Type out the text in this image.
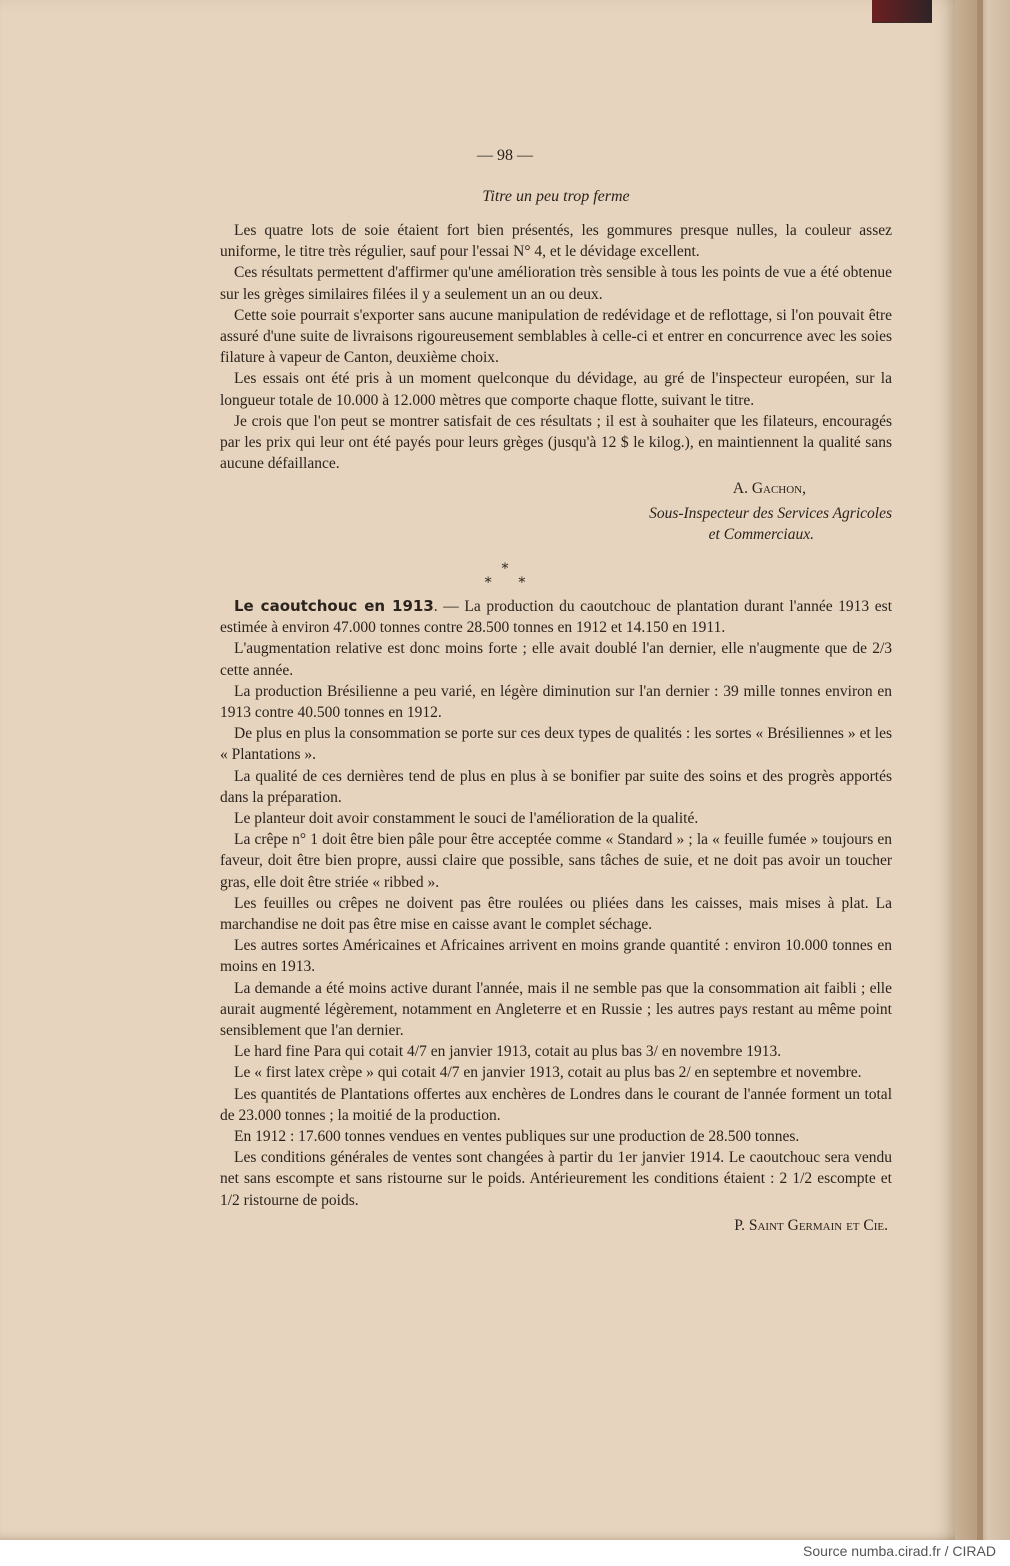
— 98 —
Titre un peu trop ferme

Les quatre lots de soie étaient fort bien présentés, les gommures presque nulles, la couleur assez uniforme, le titre très régulier, sauf pour l'essai N° 4, et le dévidage excellent.

Ces résultats permettent d'affirmer qu'une amélioration très sensible à tous les points de vue a été obtenue sur les grèges similaires filées il y a seulement un an ou deux.

Cette soie pourrait s'exporter sans aucune manipulation de redévidage et de reflottage, si l'on pouvait être assuré d'une suite de livraisons rigoureusement semblables à celle-ci et entrer en concurrence avec les soies filature à vapeur de Canton, deuxième choix.

Les essais ont été pris à un moment quelconque du dévidage, au gré de l'inspecteur européen, sur la longueur totale de 10.000 à 12.000 mètres que comporte chaque flotte, suivant le titre.

Je crois que l'on peut se montrer satisfait de ces résultats ; il est à souhaiter que les filateurs, encouragés par les prix qui leur ont été payés pour leurs grèges (jusqu'à 12 $ le kilog.), en maintiennent la qualité sans aucune défaillance.

A. Gachon,
Sous-Inspecteur des Services Agricoles
et Commerciaux.
*
* *

Le caoutchouc en 1913. — La production du caoutchouc de plantation durant l'année 1913 est estimée à environ 47.000 tonnes contre 28.500 tonnes en 1912 et 14.150 en 1911.

L'augmentation relative est donc moins forte ; elle avait doublé l'an dernier, elle n'augmente que de 2/3 cette année.

La production Brésilienne a peu varié, en légère diminution sur l'an dernier : 39 mille tonnes environ en 1913 contre 40.500 tonnes en 1912.

De plus en plus la consommation se porte sur ces deux types de qualités : les sortes « Brésiliennes » et les « Plantations ».

La qualité de ces dernières tend de plus en plus à se bonifier par suite des soins et des progrès apportés dans la préparation.

Le planteur doit avoir constamment le souci de l'amélioration de la qualité.

La crêpe n° 1 doit être bien pâle pour être acceptée comme « Standard » ; la « feuille fumée » toujours en faveur, doit être bien propre, aussi claire que possible, sans tâches de suie, et ne doit pas avoir un toucher gras, elle doit être striée « ribbed ».

Les feuilles ou crêpes ne doivent pas être roulées ou pliées dans les caisses, mais mises à plat. La marchandise ne doit pas être mise en caisse avant le complet séchage.

Les autres sortes Américaines et Africaines arrivent en moins grande quantité : environ 10.000 tonnes en moins en 1913.

La demande a été moins active durant l'année, mais il ne semble pas que la consommation ait faibli ; elle aurait augmenté légèrement, notamment en Angleterre et en Russie ; les autres pays restant au même point sensiblement que l'an dernier.

Le hard fine Para qui cotait 4/7 en janvier 1913, cotait au plus bas 3/ en novembre 1913.

Le « first latex crèpe » qui cotait 4/7 en janvier 1913, cotait au plus bas 2/ en septembre et novembre.

Les quantités de Plantations offertes aux enchères de Londres dans le courant de l'année forment un total de 23.000 tonnes ; la moitié de la production.

En 1912 : 17.600 tonnes vendues en ventes publiques sur une production de 28.500 tonnes.

Les conditions générales de ventes sont changées à partir du 1er janvier 1914. Le caoutchouc sera vendu net sans escompte et sans ristourne sur le poids. Antérieurement les conditions étaient : 2 1/2 escompte et 1/2 ristourne de poids.

P. Saint Germain et Cie.
Source numba.cirad.fr / CIRAD
